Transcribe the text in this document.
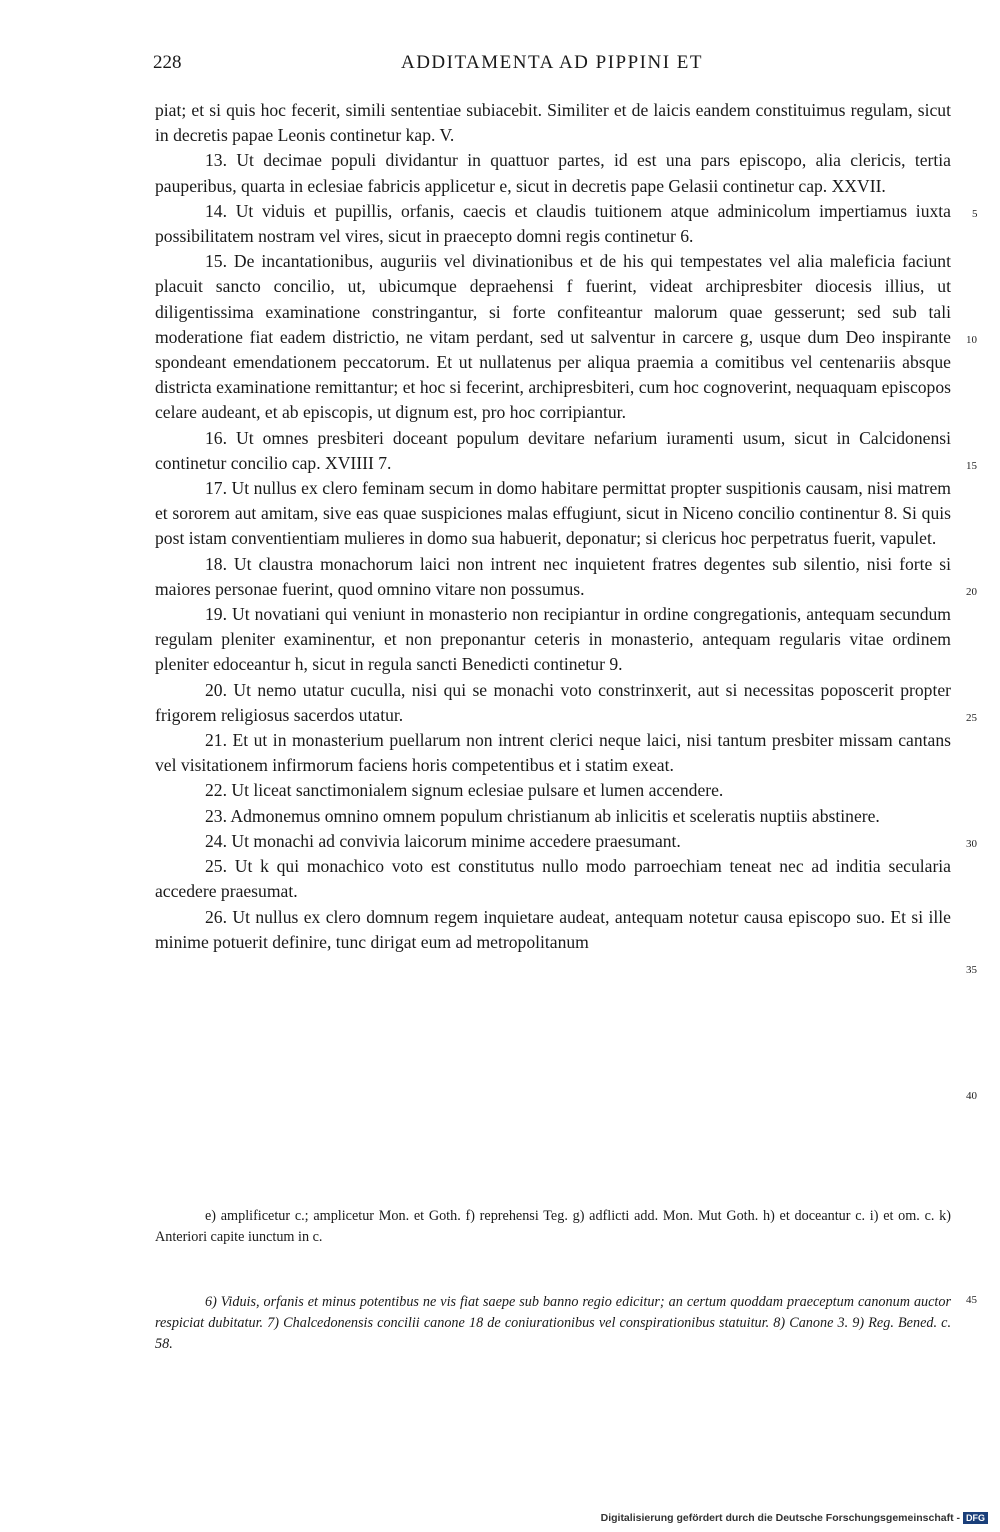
228	ADDITAMENTA AD PIPPINI ET

piat; et si quis hoc fecerit, simili sententiae subiacebit. Similiter et de laicis eandem constituimus regulam, sicut in decretis papae Leonis continetur kap. V.

13. Ut decimae populi dividantur in quattuor partes, id est una pars episcopo, alia clericis, tertia pauperibus, quarta in eclesiae fabricis applicetur e, sicut in decretis pape Gelasii continetur cap. XXVII.

14. Ut viduis et pupillis, orfanis, caecis et claudis tuitionem atque adminicolum impertiamus iuxta possibilitatem nostram vel vires, sicut in praecepto domni regis continetur 6.

15. De incantationibus, auguriis vel divinationibus et de his qui tempestates vel alia maleficia faciunt placuit sancto concilio, ut, ubicumque depraehensi f fuerint, videat archipresbiter diocesis illius, ut diligentissima examinatione constringantur, si forte confiteantur malorum quae gesserunt; sed sub tali moderatione fiat eadem districtio, ne vitam perdant, sed ut salventur in carcere g, usque dum Deo inspirante spondeant emendationem peccatorum. Et ut nullatenus per aliqua praemia a comitibus vel centenariis absque districta examinatione remittantur; et hoc si fecerint, archipresbiteri, cum hoc cognoverint, nequaquam episcopos celare audeant, et ab episcopis, ut dignum est, pro hoc corripiantur.

16. Ut omnes presbiteri doceant populum devitare nefarium iuramenti usum, sicut in Calcidonensi continetur concilio cap. XVIIII 7.

17. Ut nullus ex clero feminam secum in domo habitare permittat propter suspitionis causam, nisi matrem et sororem aut amitam, sive eas quae suspiciones malas effugiunt, sicut in Niceno concilio continentur 8. Si quis post istam conventientiam mulieres in domo sua habuerit, deponatur; si clericus hoc perpetratus fuerit, vapulet.

18. Ut claustra monachorum laici non intrent nec inquietent fratres degentes sub silentio, nisi forte si maiores personae fuerint, quod omnino vitare non possumus.

19. Ut novatiani qui veniunt in monasterio non recipiantur in ordine congregationis, antequam secundum regulam pleniter examinentur, et non preponantur ceteris in monasterio, antequam regularis vitae ordinem pleniter edoceantur h, sicut in regula sancti Benedicti continetur 9.

20. Ut nemo utatur cuculla, nisi qui se monachi voto constrinxerit, aut si necessitas poposcerit propter frigorem religiosus sacerdos utatur.

21. Et ut in monasterium puellarum non intrent clerici neque laici, nisi tantum presbiter missam cantans vel visitationem infirmorum faciens horis competentibus et i statim exeat.

22. Ut liceat sanctimonialem signum eclesiae pulsare et lumen accendere.

23. Admonemus omnino omnem populum christianum ab inlicitis et sceleratis nuptiis abstinere.

24. Ut monachi ad convivia laicorum minime accedere praesumant.

25. Ut k qui monachico voto est constitutus nullo modo parroechiam teneat nec ad inditia secularia accedere praesumat.

26. Ut nullus ex clero domnum regem inquietare audeat, antequam notetur causa episcopo suo. Et si ille minime potuerit definire, tunc dirigat eum ad metropolitanum

5
10
15
20
25
30
35
40
45

e) amplificetur c.; amplicetur Mon. et Goth. f) reprehensi Teg. g) adflicti add. Mon. Mut Goth. h) et doceantur c. i) et om. c. k) Anteriori capite iunctum in c.

6) Viduis, orfanis et minus potentibus ne vis fiat saepe sub banno regio edicitur; an certum quoddam praeceptum canonum auctor respiciat dubitatur. 7) Chalcedonensis concilii canone 18 de coniurationibus vel conspirationibus statuitur. 8) Canone 3. 9) Reg. Bened. c. 58.

Digitalisierung gefördert durch die Deutsche Forschungsgemeinschaft - DFG
